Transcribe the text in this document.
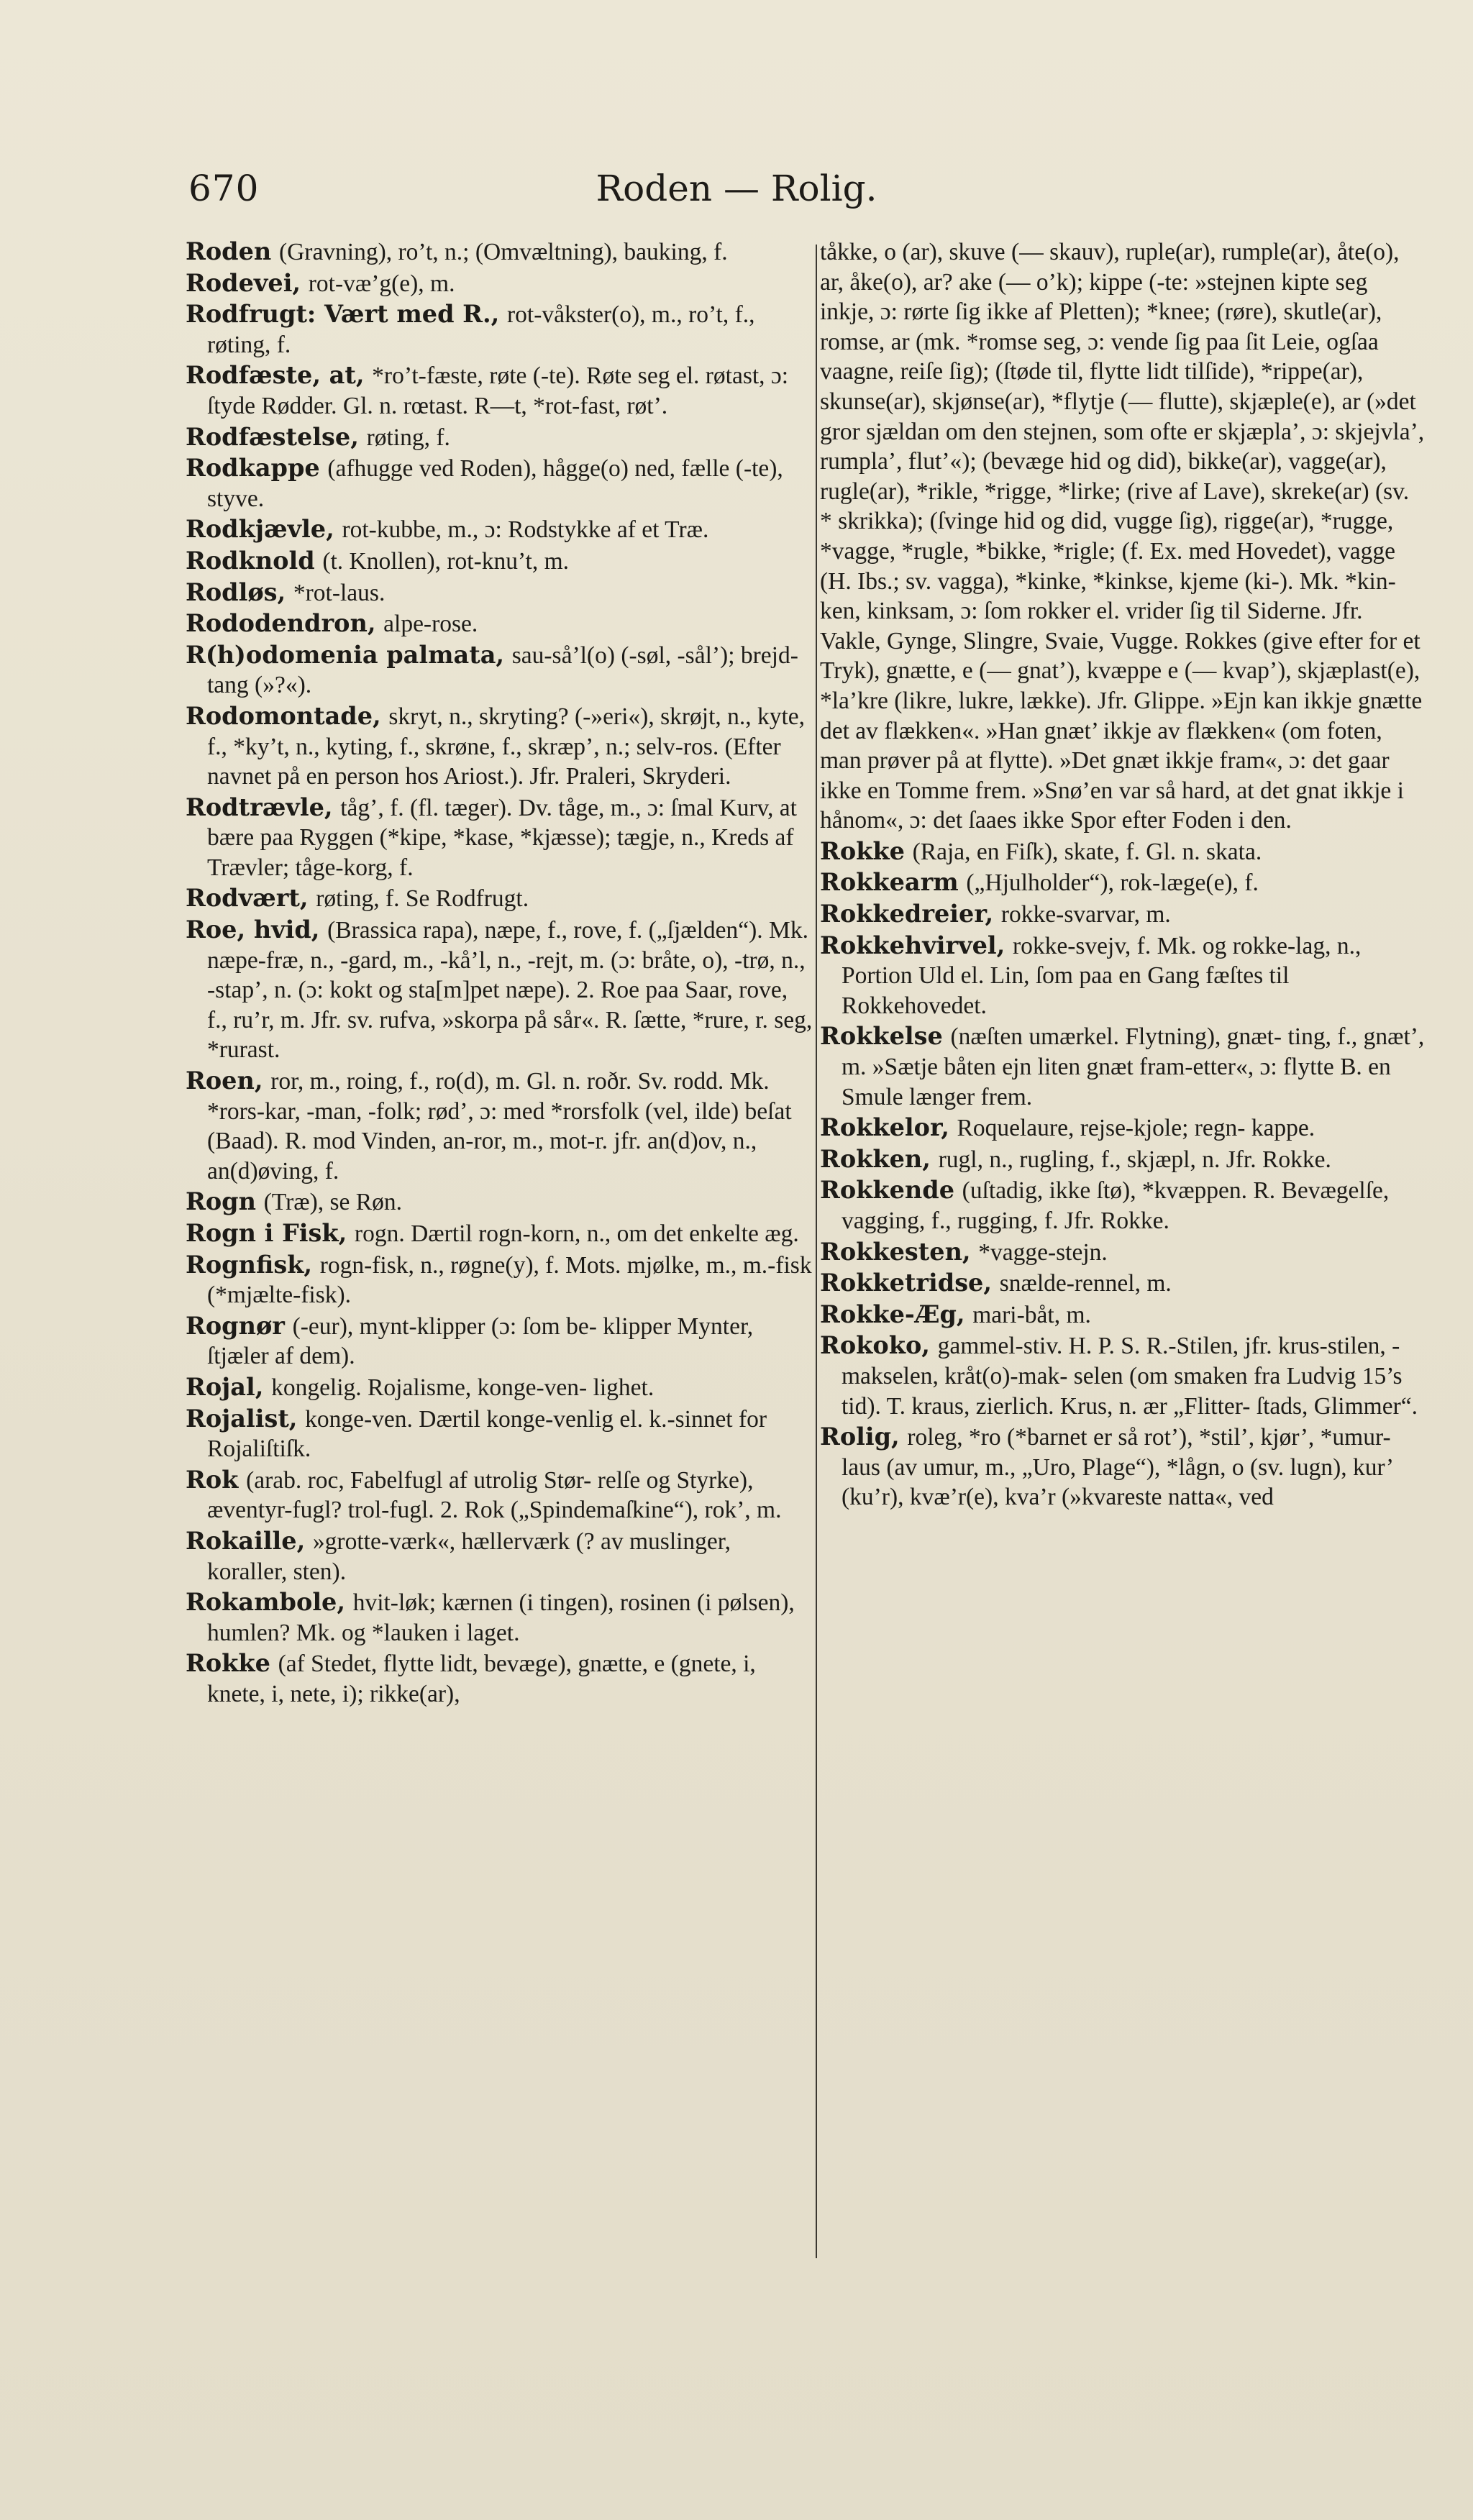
670	Roden — Rolig.

Roden (Gravning), ro’t, n.; (Omvæltning), bauking, f.

Rodevei, rot-væ’g(e), m.

Rodfrugt: Vært med R., rot-våkster(o), m., ro’t, f., røting, f.

Rodfæste, at, *ro’t-fæste, røte (-te). Røte seg el. røtast, ɔ: ſtyde Rødder. Gl. n. rœtast. R—t, *rot-fast, røt’.

Rodfæstelse, røting, f.

Rodkappe (afhugge ved Roden), hågge(o) ned, fælle (-te), styve.

Rodkjævle, rot-kubbe, m., ɔ: Rodstykke af et Træ.

Rodknold (t. Knollen), rot-knu’t, m.

Rodløs, *rot-laus.

Rododendron, alpe-rose.

R(h)odomenia palmata, sau-så’l(o) (-søl, -sål’); brejd-tang (»?«).

Rodomontade, skryt, n., skryting? (-»eri«), skrøjt, n., kyte, f., *ky’t, n., kyting, f., skrøne, f., skræp’, n.; selv-ros. (Efter navnet på en person hos Ariost.). Jfr. Praleri, Skryderi.

Rodtrævle, tåg’, f. (fl. tæger). Dv. tåge, m., ɔ: ſmal Kurv, at bære paa Ryggen (*kipe, *kase, *kjæsse); tægje, n., Kreds af Trævler; tåge-korg, f.

Rodvært, røting, f. Se Rodfrugt.

Roe, hvid, (Brassica rapa), næpe, f., rove, f. („ſjælden“). Mk. næpe-fræ, n., -gard, m., -kå’l, n., -rejt, m. (ɔ: bråte, o), -trø, n., -stap’, n. (ɔ: kokt og sta[m]pet næpe). 2. Roe paa Saar, rove, f., ru’r, m. Jfr. sv. rufva, »skorpa på sår«. R. ſætte, *rure, r. seg, *rurast.

Roen, ror, m., roing, f., ro(d), m. Gl. n. roðr. Sv. rodd. Mk. *rors-kar, -man, -folk; rød’, ɔ: med *rorsfolk (vel, ilde) beſat (Baad). R. mod Vinden, an-ror, m., mot-r. jfr. an(d)ov, n., an(d)øving, f.

Rogn (Træ), se Røn.

Rogn i Fisk, rogn. Dærtil rogn-korn, n., om det enkelte æg.

Rognfisk, rogn-fisk, n., røgne(y), f. Mots. mjølke, m., m.-fisk (*mjælte-fisk).

Rognør (-eur), mynt-klipper (ɔ: ſom be- klipper Mynter, ſtjæler af dem).

Rojal, kongelig. Rojalisme, konge-ven- lighet.

Rojalist, konge-ven. Dærtil konge-venlig el. k.-sinnet for Rojaliſtiſk.

Rok (arab. roc, Fabelfugl af utrolig Stør- relſe og Styrke), æventyr-fugl? trol-fugl. 2. Rok („Spindemaſkine“), rok’, m.

Rokaille, »grotte-værk«, hællerværk (? av muslinger, koraller, sten).

Rokambole, hvit-løk; kærnen (i tingen), rosinen (i pølsen), humlen? Mk. og *lauken i laget.

Rokke (af Stedet, flytte lidt, bevæge), gnætte, e (gnete, i, knete, i, nete, i); rikke(ar),

tåkke, o (ar), skuve (— skauv), ruple(ar), rumple(ar), åte(o), ar, åke(o), ar? ake (— o’k); kippe (-te: »stejnen kipte seg inkje, ɔ: rørte ſig ikke af Pletten); *knee; (røre), skutle(ar), romse, ar (mk. *romse seg, ɔ: vende ſig paa ſit Leie, ogſaa vaagne, reiſe ſig); (ſtøde til, flytte lidt tilſide), *rippe(ar), skunse(ar), skjønse(ar), *flytje (— flutte), skjæple(e), ar (»det gror sjældan om den stejnen, som ofte er skjæpla’, ɔ: skjejvla’, rumpla’, flut’«); (bevæge hid og did), bikke(ar), vagge(ar), rugle(ar), *rikle, *rigge, *lirke; (rive af Lave), skreke(ar) (sv. * skrikka); (ſvinge hid og did, vugge ſig), rigge(ar), *rugge, *vagge, *rugle, *bikke, *rigle; (f. Ex. med Hovedet), vagge (H. Ibs.; sv. vagga), *kinke, *kinkse, kjeme (ki-). Mk. *kin- ken, kinksam, ɔ: ſom rokker el. vrider ſig til Siderne. Jfr. Vakle, Gynge, Slingre, Svaie, Vugge. Rokkes (give efter for et Tryk), gnætte, e (— gnat’), kvæppe e (— kvap’), skjæplast(e), *la’kre (likre, lukre, lække). Jfr. Glippe. »Ejn kan ikkje gnætte det av flækken«. »Han gnæt’ ikkje av flækken« (om foten, man prøver på at flytte). »Det gnæt ikkje fram«, ɔ: det gaar ikke en Tomme frem. »Snø’en var så hard, at det gnat ikkje i hånom«, ɔ: det ſaaes ikke Spor efter Foden i den.

Rokke (Raja, en Fiſk), skate, f. Gl. n. skata.

Rokkearm („Hjulholder“), rok-læge(e), f.

Rokkedreier, rokke-svarvar, m.

Rokkehvirvel, rokke-svejv, f. Mk. og rokke-lag, n., Portion Uld el. Lin, ſom paa en Gang fæſtes til Rokkehovedet.

Rokkelse (næſten umærkel. Flytning), gnæt- ting, f., gnæt’, m. »Sætje båten ejn liten gnæt fram-etter«, ɔ: flytte B. en Smule længer frem.

Rokkelor, Roquelaure, rejse-kjole; regn- kappe.

Rokken, rugl, n., rugling, f., skjæpl, n. Jfr. Rokke.

Rokkende (uſtadig, ikke ſtø), *kvæppen. R. Bevægelſe, vagging, f., rugging, f. Jfr. Rokke.

Rokkesten, *vagge-stejn.

Rokketridse, snælde-rennel, m.

Rokke-Æg, mari-båt, m.

Rokoko, gammel-stiv. H. P. S. R.-Stilen, jfr. krus-stilen, -makselen, kråt(o)-mak- selen (om smaken fra Ludvig 15’s tid). T. kraus, zierlich. Krus, n. ær „Flitter- ſtads, Glimmer“.

Rolig, roleg, *ro (*barnet er så rot’), *stil’, kjør’, *umur-laus (av umur, m., „Uro, Plage“), *lågn, o (sv. lugn), kur’ (ku’r), kvæ’r(e), kva’r (»kvareste natta«, ved
